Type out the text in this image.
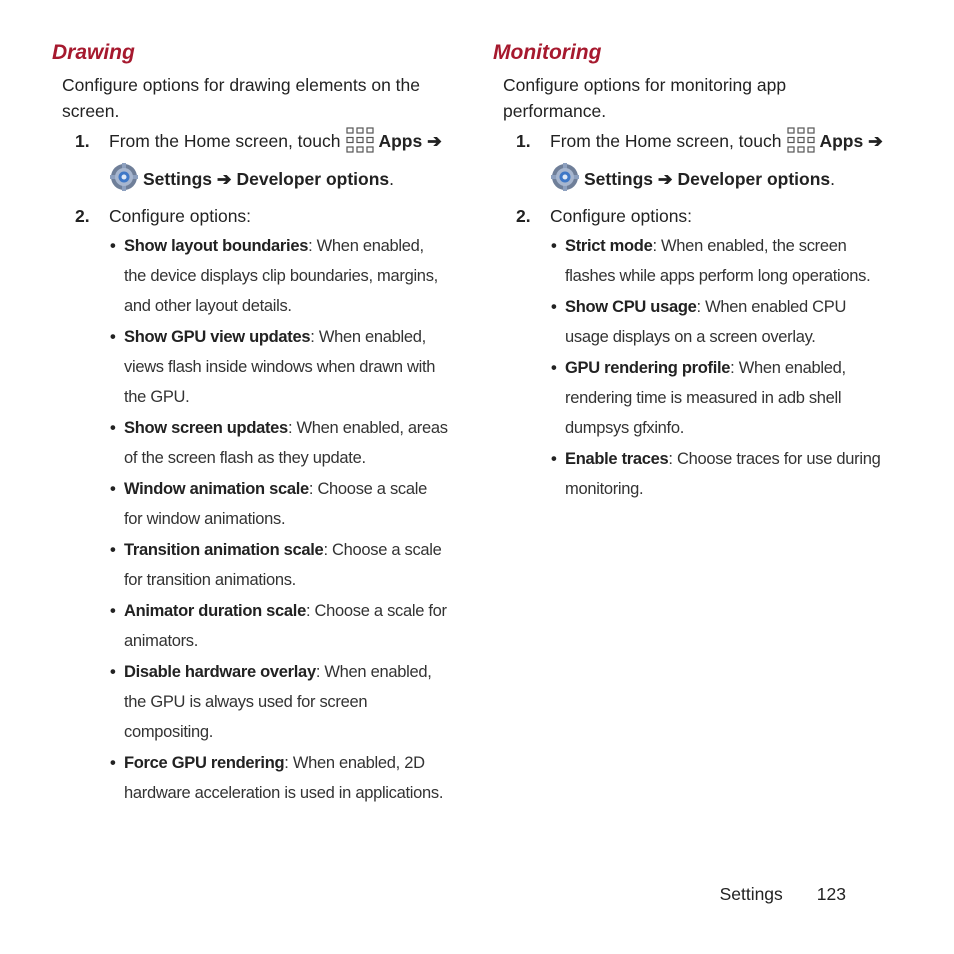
Drawing

Configure options for drawing elements on the screen.

1. From the Home screen, touch Apps ➔
Settings ➔ Developer options.
2. Configure options:
• Show layout boundaries: When enabled, the device displays clip boundaries, margins, and other layout details.
• Show GPU view updates: When enabled, views flash inside windows when drawn with the GPU.
• Show screen updates: When enabled, areas of the screen flash as they update.
• Window animation scale: Choose a scale for window animations.
• Transition animation scale: Choose a scale for transition animations.
• Animator duration scale: Choose a scale for animators.
• Disable hardware overlay: When enabled, the GPU is always used for screen compositing.
• Force GPU rendering: When enabled, 2D hardware acceleration is used in applications.
Monitoring

Configure options for monitoring app performance.

1. From the Home screen, touch Apps ➔
Settings ➔ Developer options.
2. Configure options:
• Strict mode: When enabled, the screen flashes while apps perform long operations.
• Show CPU usage: When enabled CPU usage displays on a screen overlay.
• GPU rendering profile: When enabled, rendering time is measured in adb shell dumpsys gfxinfo.
• Enable traces: Choose traces for use during monitoring.
Settings 123
